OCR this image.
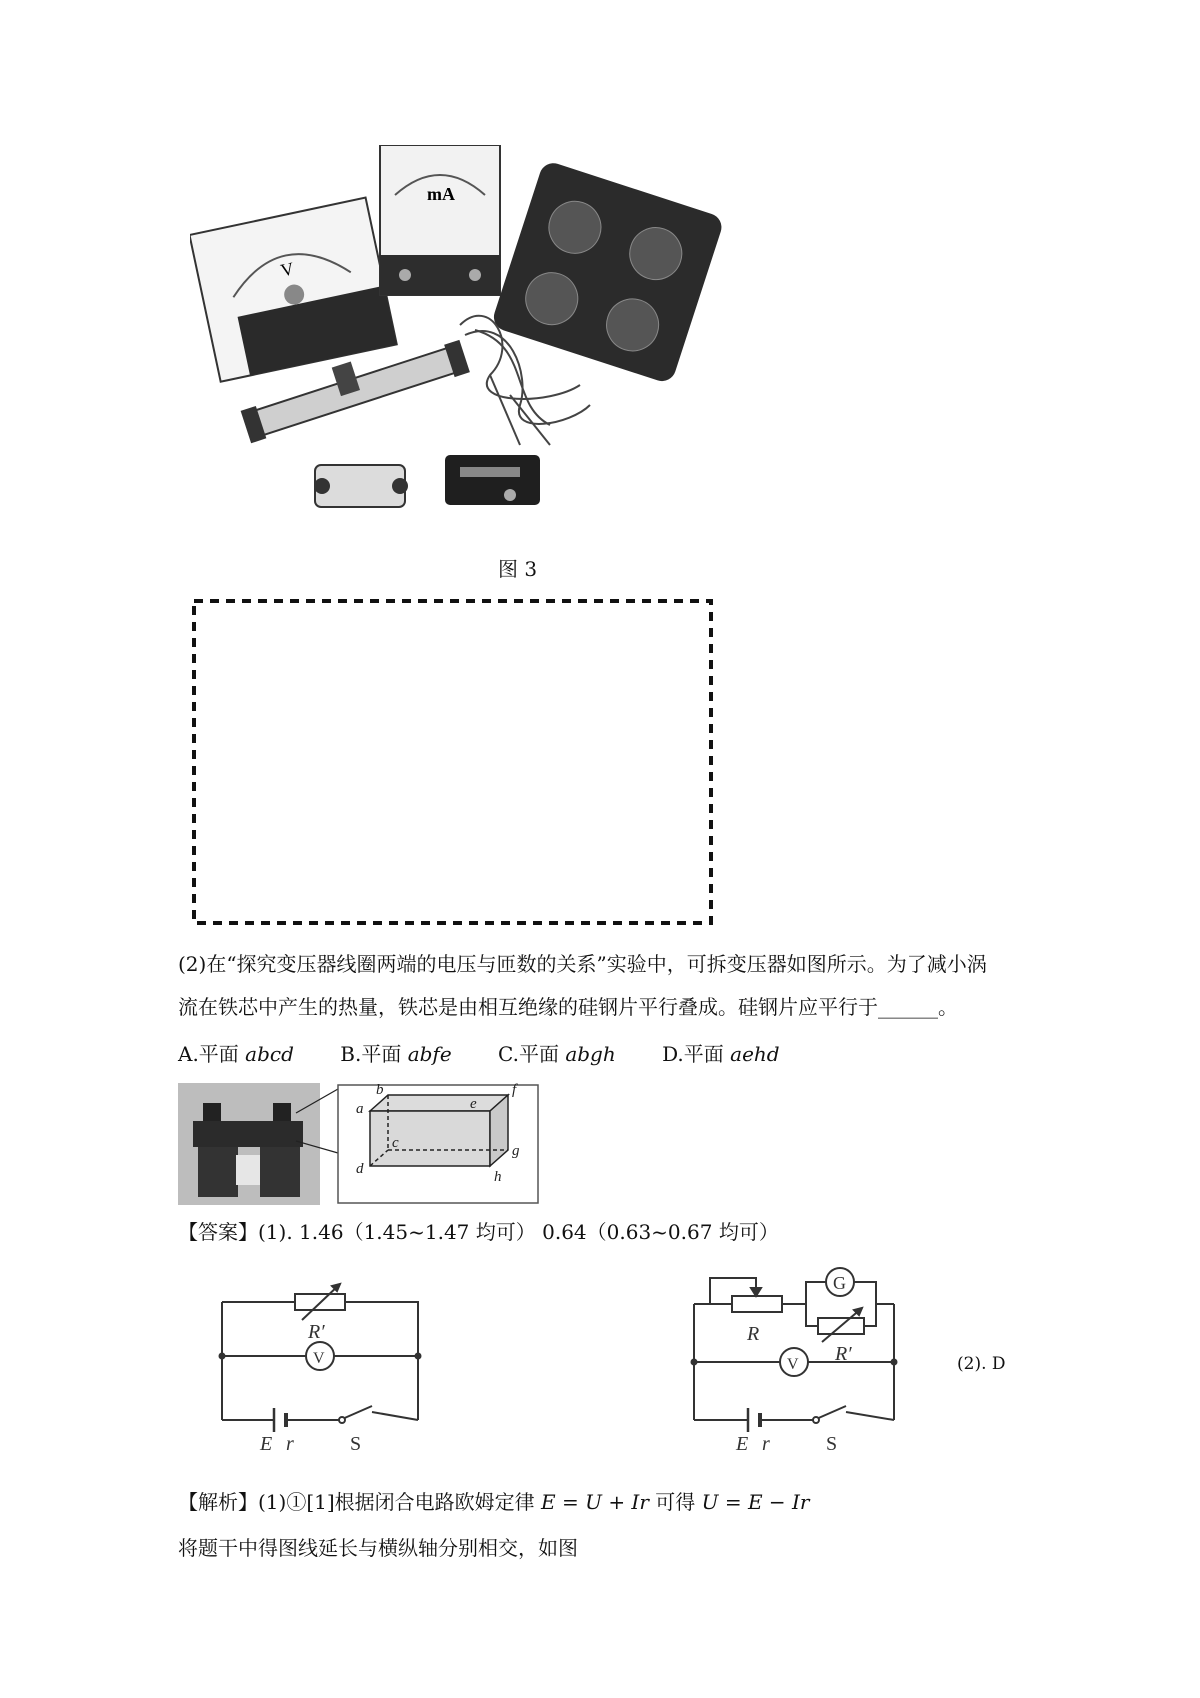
V
mA
图 3
(2)在“探究变压器线圈两端的电压与匝数的关系”实验中，可拆变压器如图所示。为了减小涡
流在铁芯中产生的热量，铁芯是由相互绝缘的硅钢片平行叠成。硅钢片应平行于______。
A.平面 abcd B.平面 abfe C.平面 abgh D.平面 aehd
b	f
a	e
c	g
d	h
【答案】(1). 1.46（1.45~1.47 均可） 0.64（0.63~0.67 均可）
R′
V
E r	S
R
G
R′
V
E r	S
(2). D
【解析】(1)①[1]根据闭合电路欧姆定律 E = U + Ir 可得 U = E − Ir
将题干中得图线延长与横纵轴分别相交，如图
